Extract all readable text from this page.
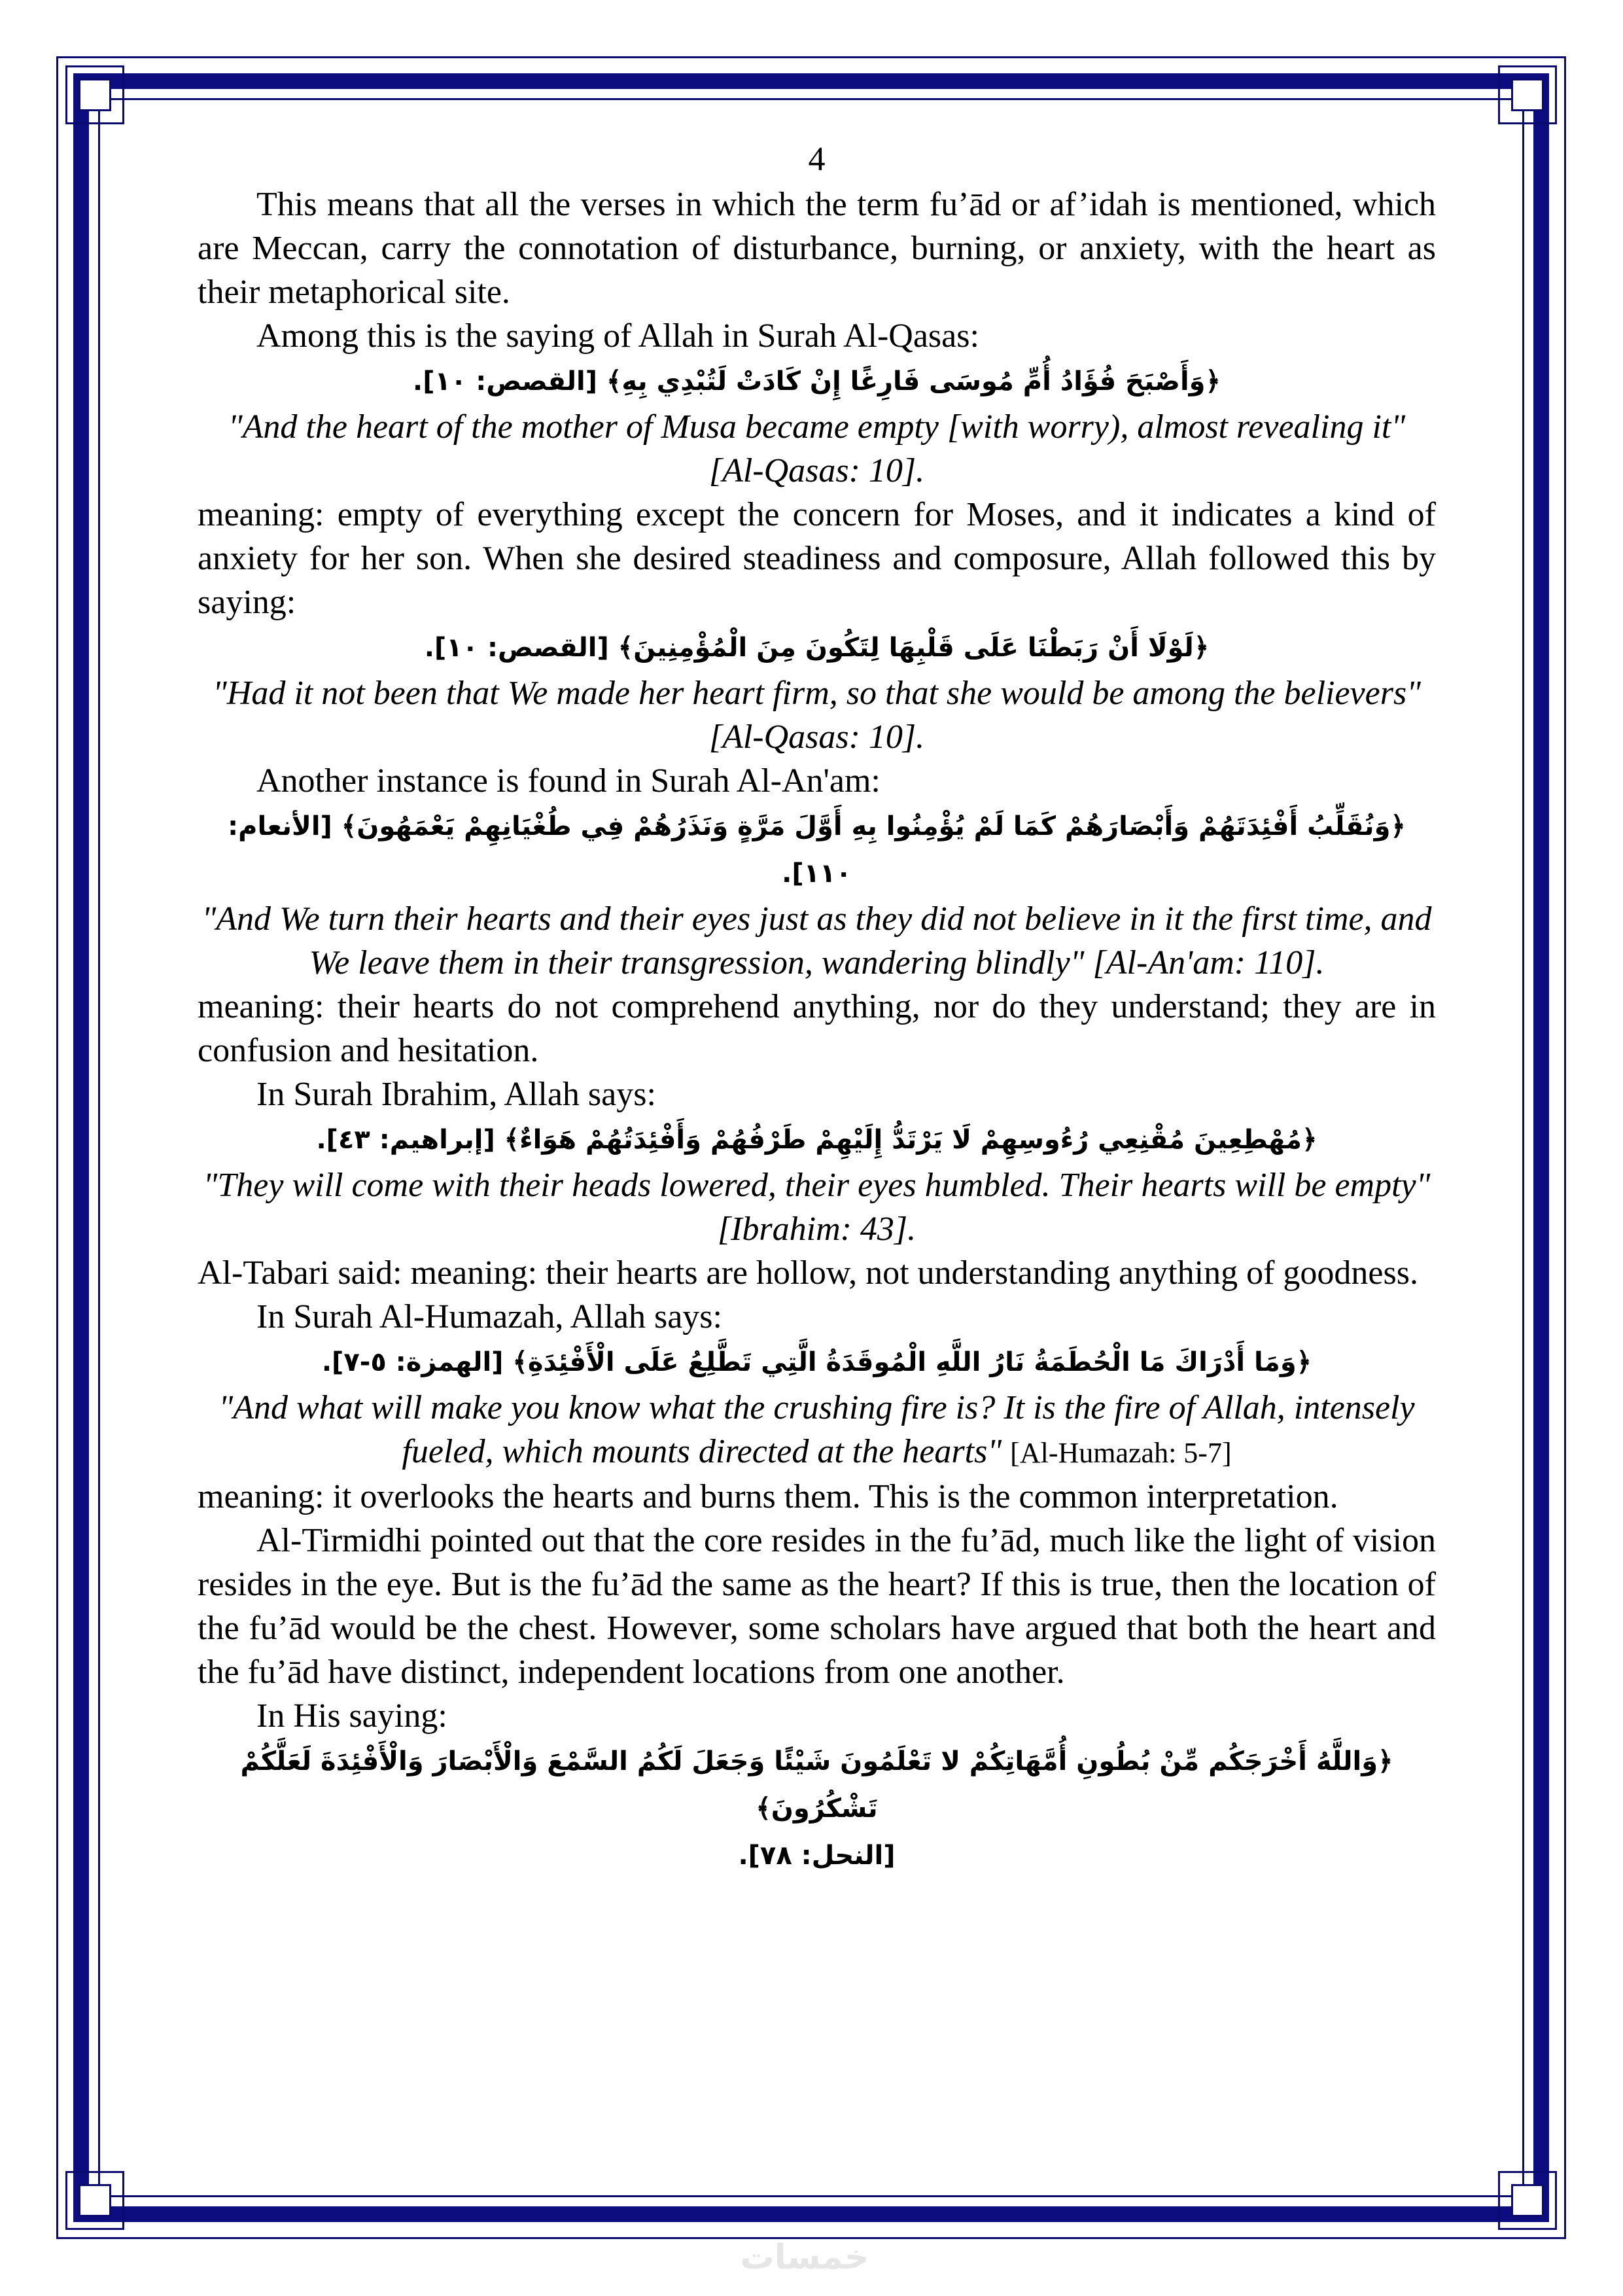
4

This means that all the verses in which the term fu’ād or af’idah is mentioned, which are Meccan, carry the connotation of disturbance, burning, or anxiety, with the heart as their metaphorical site.

Among this is the saying of Allah in Surah Al-Qasas:

﴿وَأَصْبَحَ فُؤَادُ أُمِّ مُوسَى فَارِغًا إِنْ كَادَتْ لَتُبْدِي بِهِ﴾ [القصص: ١٠].

"And the heart of the mother of Musa became empty [with worry), almost revealing it" [Al-Qasas: 10].

meaning: empty of everything except the concern for Moses, and it indicates a kind of anxiety for her son. When she desired steadiness and composure, Allah followed this by saying:

﴿لَوْلَا أَنْ رَبَطْنَا عَلَى قَلْبِهَا لِتَكُونَ مِنَ الْمُؤْمِنِينَ﴾ [القصص: ١٠].

"Had it not been that We made her heart firm, so that she would be among the believers" [Al-Qasas: 10].

Another instance is found in Surah Al-An'am:

﴿وَنُقَلِّبُ أَفْئِدَتَهُمْ وَأَبْصَارَهُمْ كَمَا لَمْ يُؤْمِنُوا بِهِ أَوَّلَ مَرَّةٍ وَنَذَرُهُمْ فِي طُغْيَانِهِمْ يَعْمَهُونَ﴾ [الأنعام: ١١٠].

"And We turn their hearts and their eyes just as they did not believe in it the first time, and We leave them in their transgression, wandering blindly" [Al-An'am: 110].

meaning: their hearts do not comprehend anything, nor do they understand; they are in confusion and hesitation.

In Surah Ibrahim, Allah says:

﴿مُهْطِعِينَ مُقْنِعِي رُءُوسِهِمْ لَا يَرْتَدُّ إِلَيْهِمْ طَرْفُهُمْ وَأَفْئِدَتُهُمْ هَوَاءٌ﴾ [إبراهيم: ٤٣].

"They will come with their heads lowered, their eyes humbled. Their hearts will be empty" [Ibrahim: 43].

Al-Tabari said: meaning: their hearts are hollow, not understanding anything of goodness.

In Surah Al-Humazah, Allah says:

﴿وَمَا أَدْرَاكَ مَا الْحُطَمَةُ نَارُ اللَّهِ الْمُوقَدَةُ الَّتِي تَطَّلِعُ عَلَى الْأَفْئِدَةِ﴾ [الهمزة: ٥-٧].

"And what will make you know what the crushing fire is? It is the fire of Allah, intensely fueled, which mounts directed at the hearts" [Al-Humazah: 5-7]

meaning: it overlooks the hearts and burns them. This is the common interpretation.

Al-Tirmidhi pointed out that the core resides in the fu’ād, much like the light of vision resides in the eye. But is the fu’ād the same as the heart? If this is true, then the location of the fu’ād would be the chest. However, some scholars have argued that both the heart and the fu’ād have distinct, independent locations from one another.

In His saying:

﴿وَاللَّهُ أَخْرَجَكُم مِّنْ بُطُونِ أُمَّهَاتِكُمْ لا تَعْلَمُونَ شَيْئًا وَجَعَلَ لَكُمُ السَّمْعَ وَالْأَبْصَارَ وَالْأَفْئِدَةَ لَعَلَّكُمْ تَشْكُرُونَ﴾

[النحل: ٧٨].

خمسات
